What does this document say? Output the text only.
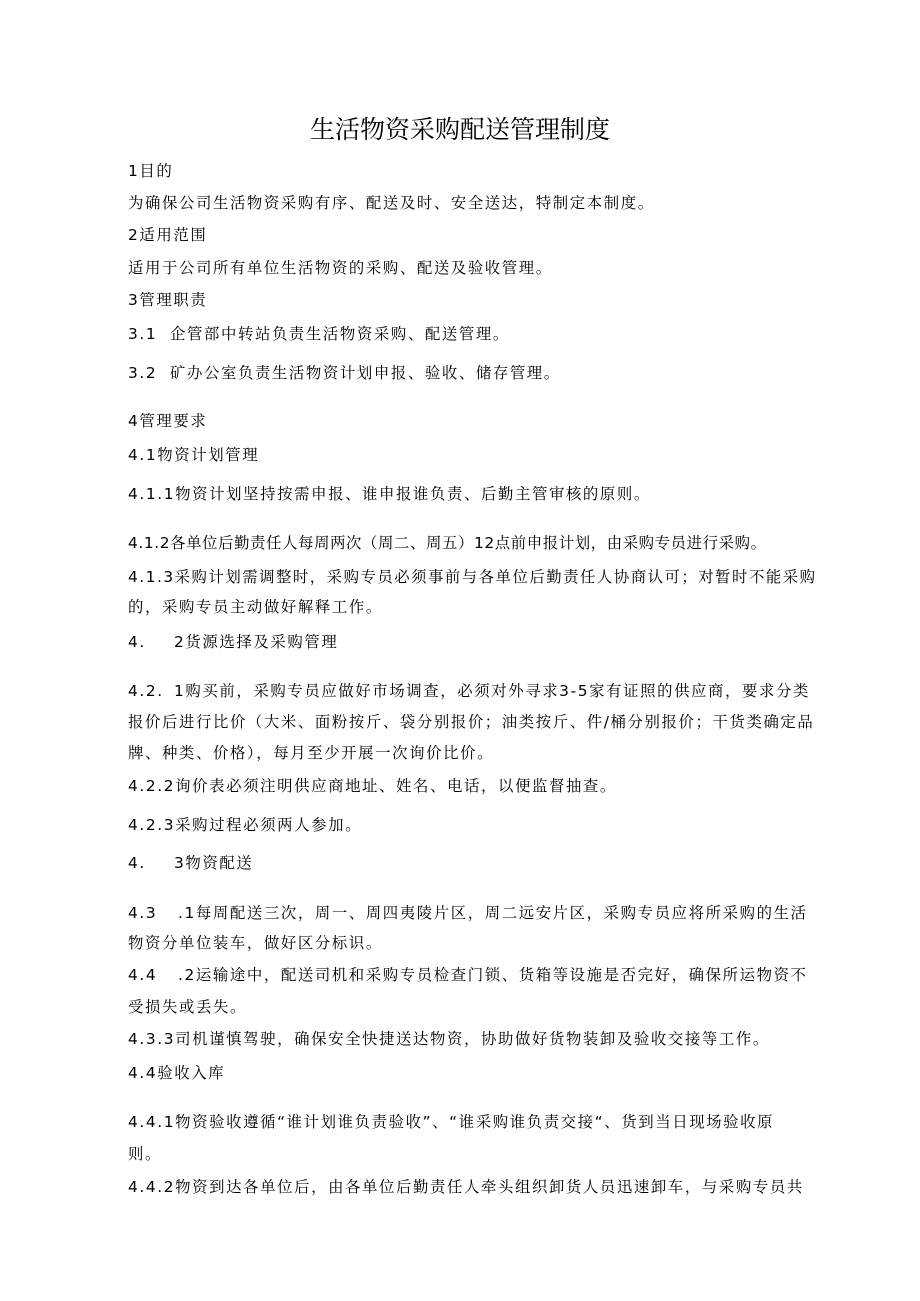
生活物资采购配送管理制度
1目的
为确保公司生活物资采购有序、配送及时、安全送达，特制定本制度。
2适用范围
适用于公司所有单位生活物资的采购、配送及验收管理。
3管理职责
3.1 企管部中转站负责生活物资采购、配送管理。
3.2 矿办公室负责生活物资计划申报、验收、储存管理。
4管理要求
4.1物资计划管理
4.1.1物资计划坚持按需申报、谁申报谁负责、后勤主管审核的原则。
4.1.2各单位后勤责任人每周两次（周二、周五）12点前申报计划，由采购专员进行采购。
4.1.3采购计划需调整时，采购专员必须事前与各单位后勤责任人协商认可；对暂时不能采购
的，采购专员主动做好解释工作。
4. 2货源选择及采购管理
4.2. 1购买前，采购专员应做好市场调查，必须对外寻求3-5家有证照的供应商，要求分类
报价后进行比价（大米、面粉按斤、袋分别报价；油类按斤、件/桶分别报价；干货类确定品
牌、种类、价格），每月至少开展一次询价比价。
4.2.2询价表必须注明供应商地址、姓名、电话，以便监督抽查。
4.2.3采购过程必须两人参加。
4. 3物资配送
4.3 .1每周配送三次，周一、周四夷陵片区，周二远安片区，采购专员应将所采购的生活
物资分单位装车，做好区分标识。
4.4 .2运输途中，配送司机和采购专员检查门锁、货箱等设施是否完好，确保所运物资不
受损失或丢失。
4.3.3司机谨慎驾驶，确保安全快捷送达物资，协助做好货物装卸及验收交接等工作。
4.4验收入库
4.4.1物资验收遵循“谁计划谁负责验收”、“谁采购谁负责交接“、货到当日现场验收原
则。
4.4.2物资到达各单位后，由各单位后勤责任人牵头组织卸货人员迅速卸车，与采购专员共
